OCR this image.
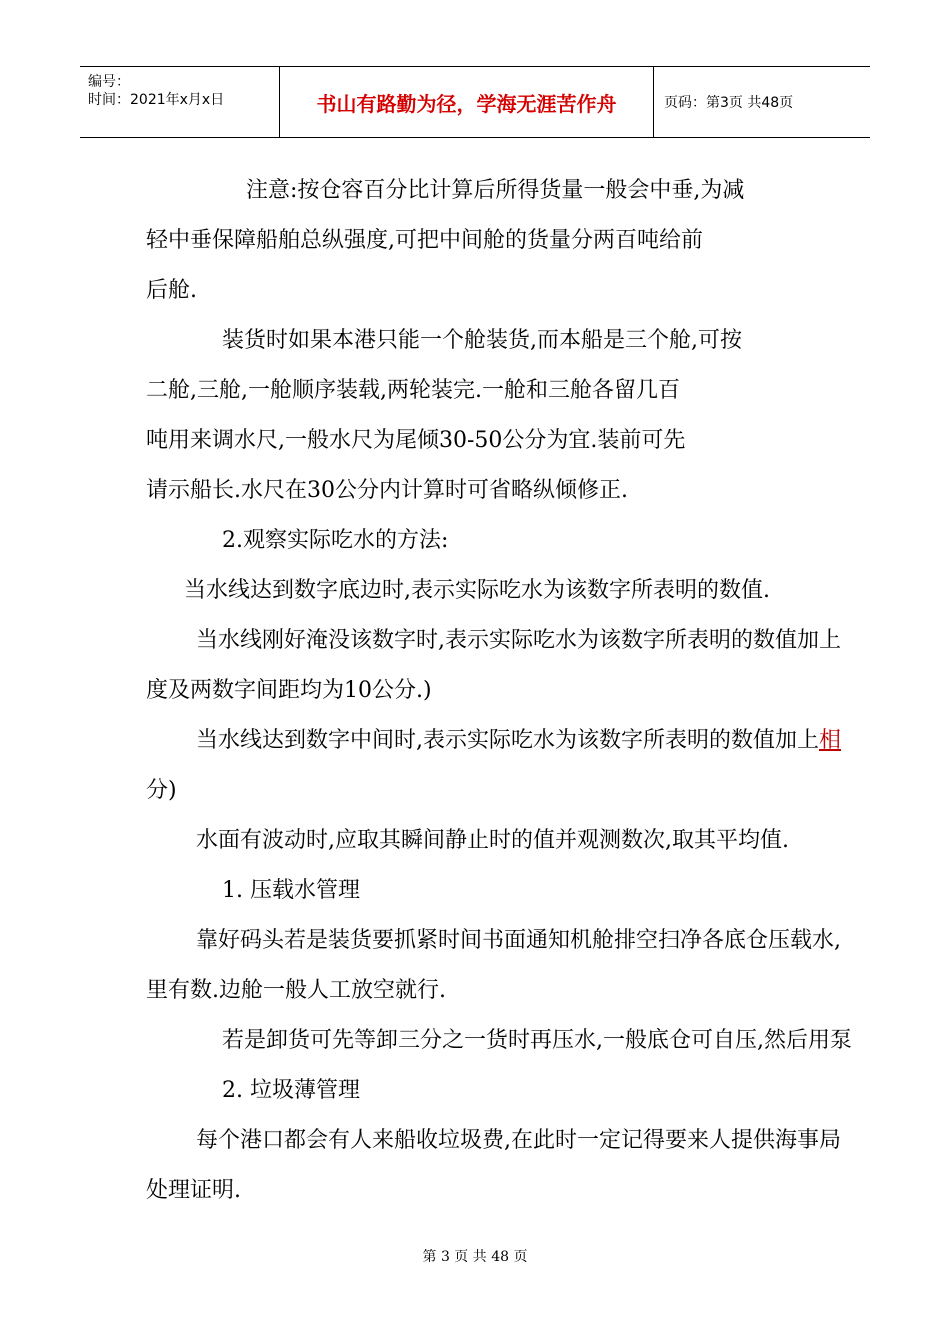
编号：
时间：2021年x月x日	书山有路勤为径，学海无涯苦作舟	页码：第3页 共48页
注意:按仓容百分比计算后所得货量一般会中垂,为减
轻中垂保障船舶总纵强度,可把中间舱的货量分两百吨给前
后舱.
装货时如果本港只能一个舱装货,而本船是三个舱,可按
二舱,三舱,一舱顺序装载,两轮装完.一舱和三舱各留几百
吨用来调水尺,一般水尺为尾倾30-50公分为宜.装前可先
请示船长.水尺在30公分内计算时可省略纵倾修正.
2.观察实际吃水的方法:
当水线达到数字底边时,表示实际吃水为该数字所表明的数值.
当水线刚好淹没该数字时,表示实际吃水为该数字所表明的数值加上
度及两数字间距均为10公分.)
当水线达到数字中间时,表示实际吃水为该数字所表明的数值加上相
分)
水面有波动时,应取其瞬间静止时的值并观测数次,取其平均值.
1. 压载水管理
靠好码头若是装货要抓紧时间书面通知机舱排空扫净各底仓压载水,
里有数.边舱一般人工放空就行.
若是卸货可先等卸三分之一货时再压水,一般底仓可自压,然后用泵
2. 垃圾薄管理
每个港口都会有人来船收垃圾费,在此时一定记得要来人提供海事局
处理证明.
第 3 页 共 48 页
